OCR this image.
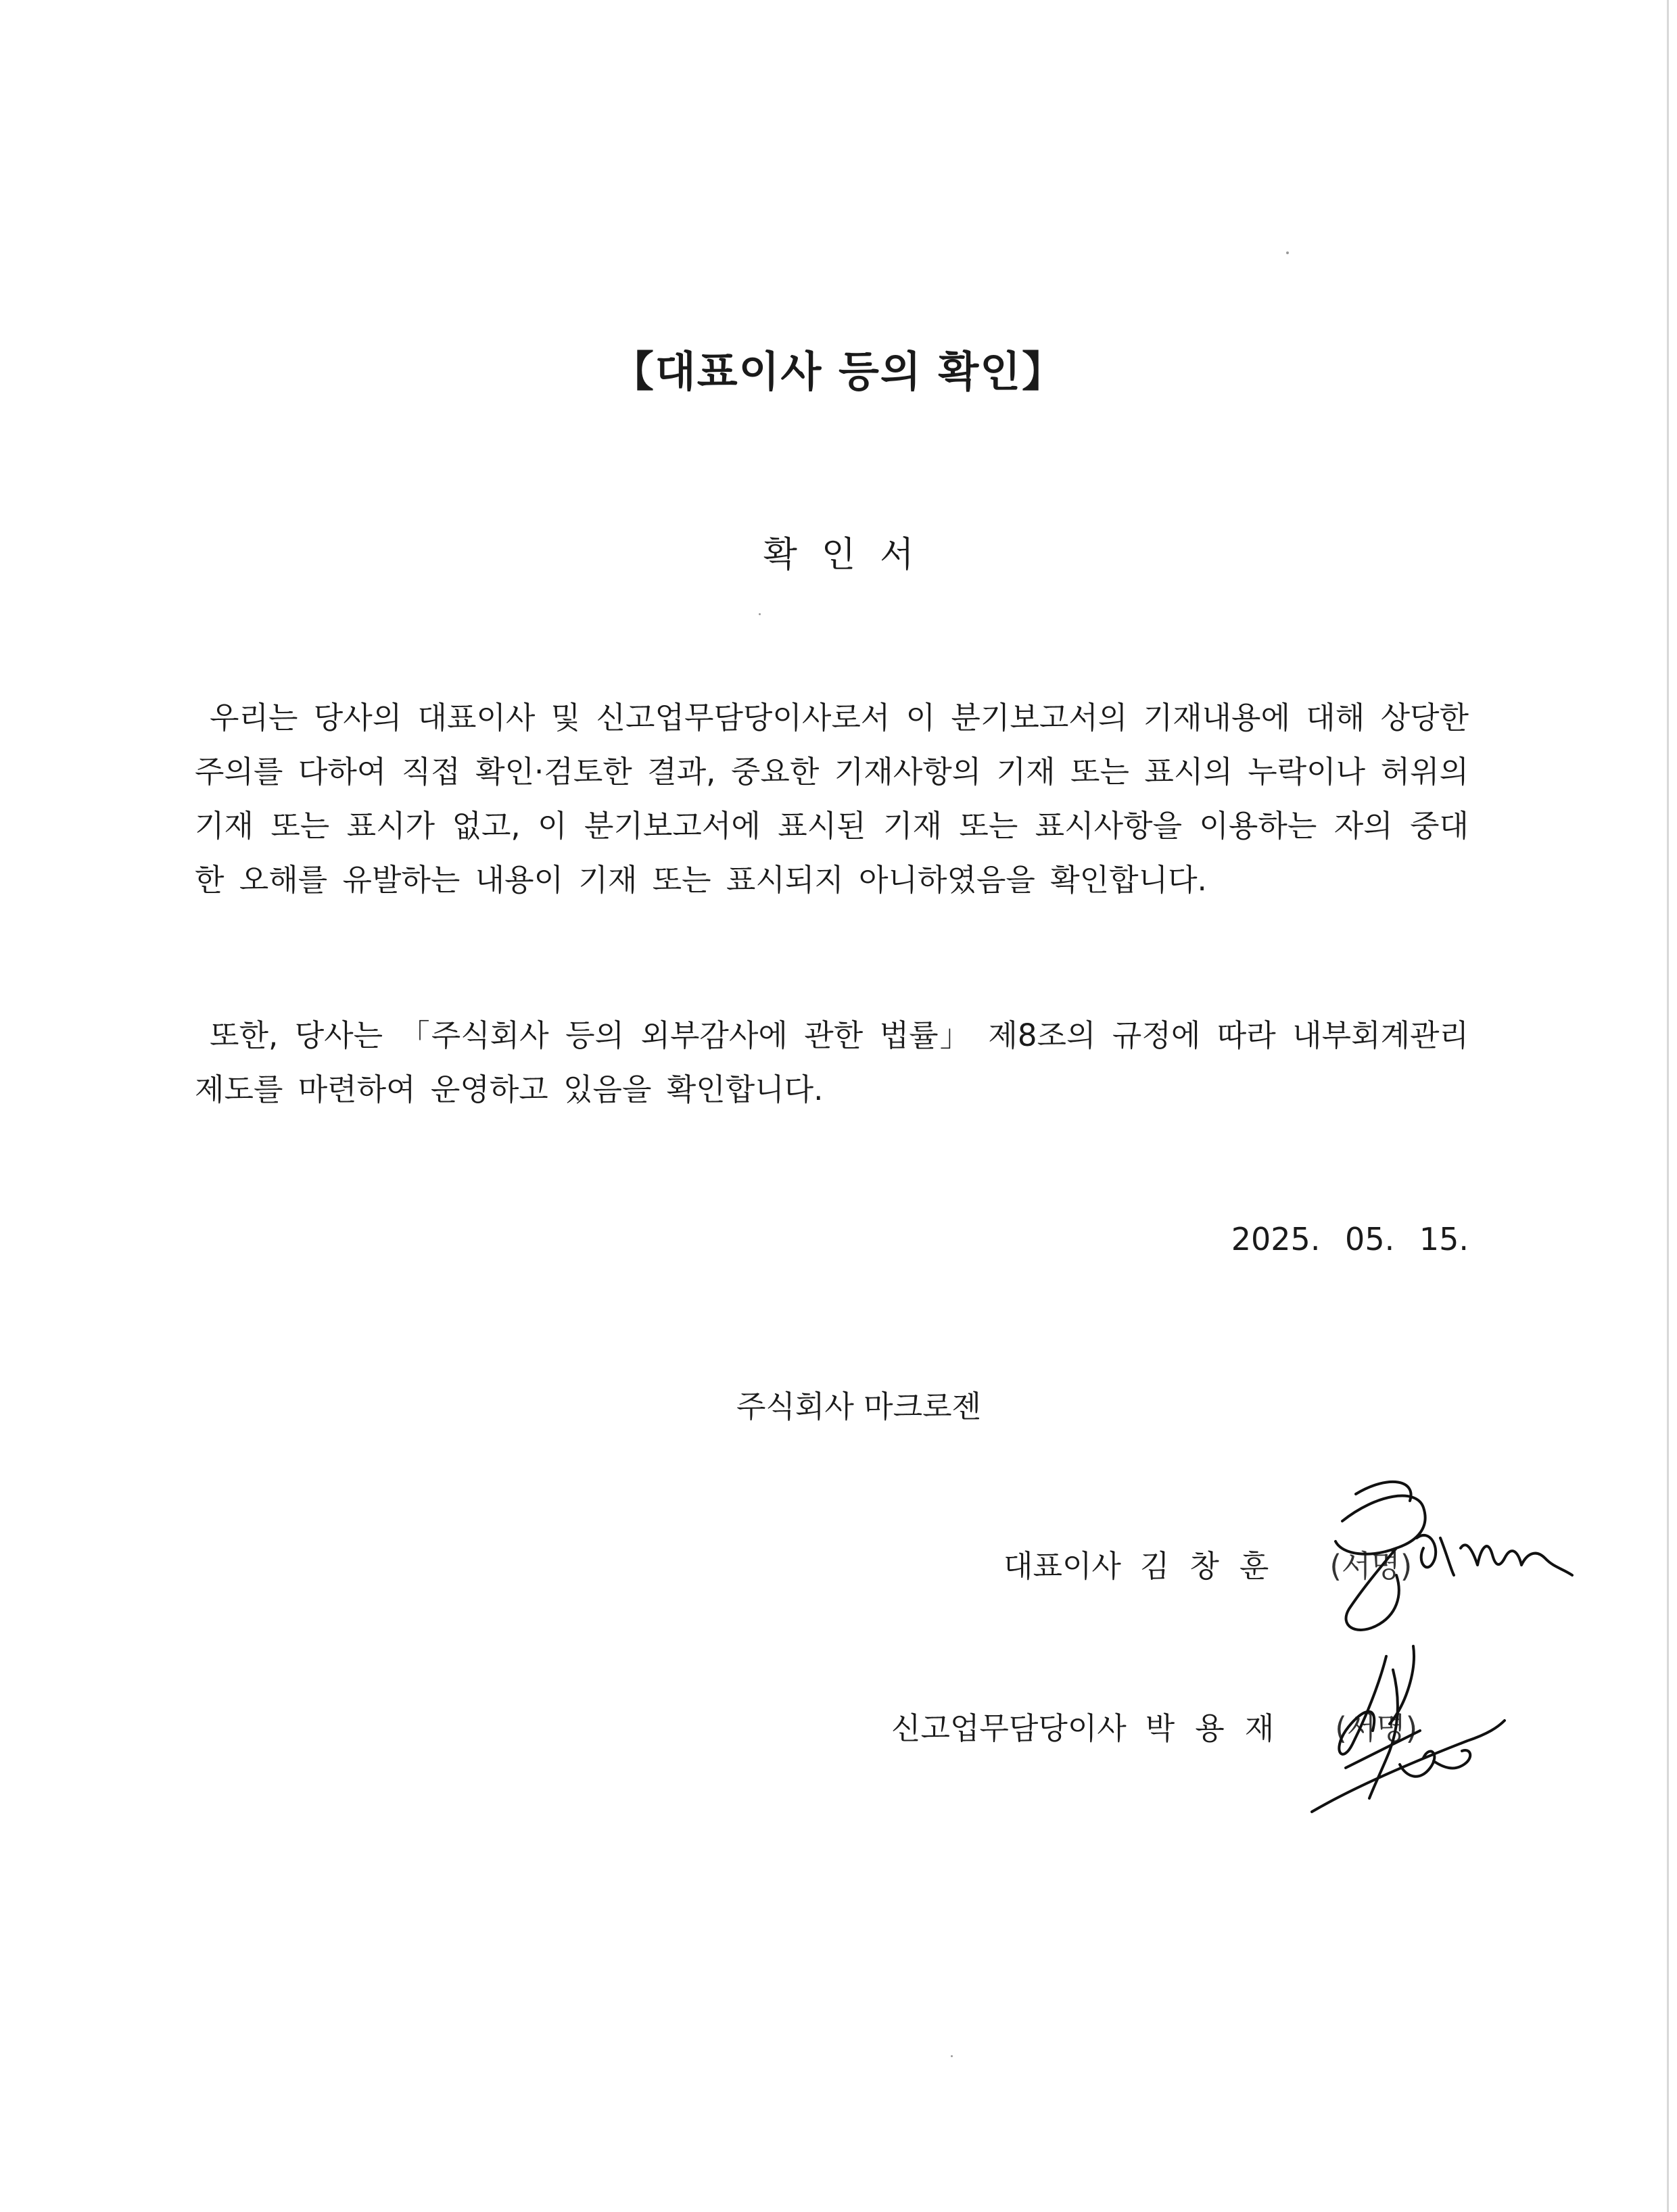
【대표이사 등의 확인】
확인서

우리는 당사의 대표이사 및 신고업무담당이사로서 이 분기보고서의 기재내용에 대해 상당한 주의를 다하여 직접 확인·검토한 결과, 중요한 기재사항의 기재 또는 표시의 누락이나 허위의 기재 또는 표시가 없고, 이 분기보고서에 표시된 기재 또는 표시사항을 이용하는 자의 중대한 오해를 유발하는 내용이 기재 또는 표시되지 아니하였음을 확인합니다.

또한, 당사는 「주식회사 등의 외부감사에 관한 법률」 제8조의 규정에 따라 내부회계관리제도를 마련하여 운영하고 있음을 확인합니다.

2025. 05. 15.
주식회사 마크로젠
대표이사 김창훈 (서명)
신고업무담당이사 박용재 (서명)
